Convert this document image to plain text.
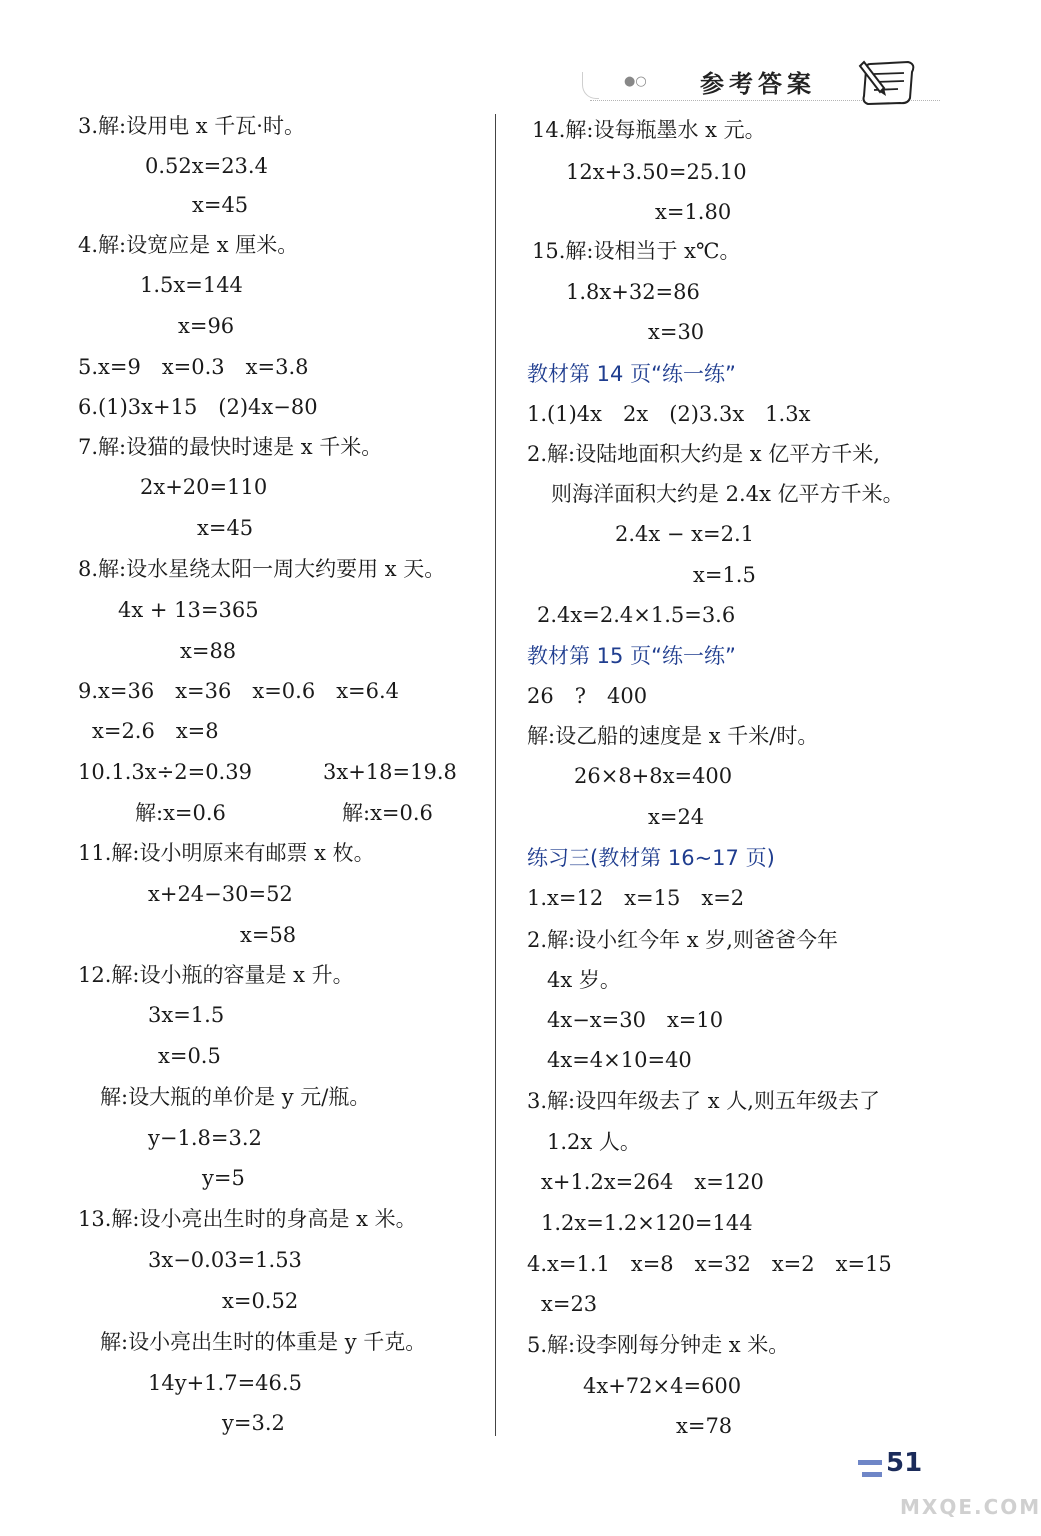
●○ 参考答案
3.解:设用电 x 千瓦·时。
0.52x=23.4
x=45
4.解:设宽应是 x 厘米。
1.5x=144
x=96
5.x=9　x=0.3　x=3.8
6.(1)3x+15　(2)4x−80
7.解:设猫的最快时速是 x 千米。
2x+20=110
x=45
8.解:设水星绕太阳一周大约要用 x 天。
4x + 13=365
x=88
9.x=36　x=36　x=0.6　x=6.4
x=2.6　x=8
10.1.3x÷2=0.39	3x+18=19.8
解:x=0.6	解:x=0.6
11.解:设小明原来有邮票 x 枚。
x+24−30=52
x=58
12.解:设小瓶的容量是 x 升。
3x=1.5
x=0.5
解:设大瓶的单价是 y 元/瓶。
y−1.8=3.2
y=5
13.解:设小亮出生时的身高是 x 米。
3x−0.03=1.53
x=0.52
解:设小亮出生时的体重是 y 千克。
14y+1.7=46.5
y=3.2
14.解:设每瓶墨水 x 元。
12x+3.50=25.10
x=1.80
15.解:设相当于 x℃。
1.8x+32=86
x=30
教材第 14 页“练一练”
1.(1)4x　2x　(2)3.3x　1.3x
2.解:设陆地面积大约是 x 亿平方千米,
则海洋面积大约是 2.4x 亿平方千米。
2.4x − x=2.1
x=1.5
2.4x=2.4×1.5=3.6
教材第 15 页“练一练”
26　?　400
解:设乙船的速度是 x 千米/时。
26×8+8x=400
x=24
练习三(教材第 16~17 页)
1.x=12　x=15　x=2
2.解:设小红今年 x 岁,则爸爸今年
4x 岁。
4x−x=30　x=10
4x=4×10=40
3.解:设四年级去了 x 人,则五年级去了
1.2x 人。
x+1.2x=264　x=120
1.2x=1.2×120=144
4.x=1.1　x=8　x=32　x=2　x=15
x=23
5.解:设李刚每分钟走 x 米。
4x+72×4=600
x=78
51
MXQE.COM
